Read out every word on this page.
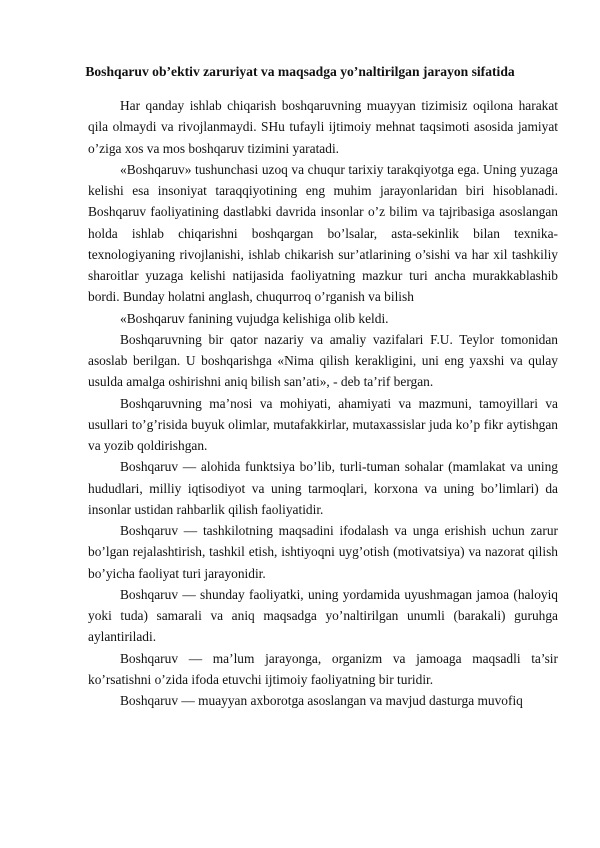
Boshqaruv ob’ektiv zaruriyat va maqsadga yo’naltirilgan jarayon sifatida

Har qanday ishlab chiqarish boshqaruvning muayyan tizimisiz oqilona harakat qila olmaydi va rivojlanmaydi. SHu tufayli ijtimoiy mehnat taqsimoti asosida jamiyat o’ziga xos va mos boshqaruv tizimini yaratadi.

«Boshqaruv» tushunchasi uzoq va chuqur tarixiy tarakqiyotga ega. Uning yuzaga kelishi esa insoniyat taraqqiyotining eng muhim jarayonlaridan biri hisoblanadi. Boshqaruv faoliyatining dastlabki davrida insonlar o’z bilim va tajribasiga asoslangan holda ishlab chiqarishni boshqargan bo’lsalar, asta-sekinlik bilan texnika-texnologiyaning rivojlanishi, ishlab chikarish sur’atlarining o’sishi va har xil tashkiliy sharoitlar yuzaga kelishi natijasida faoliyatning mazkur turi ancha murakkablashib bordi. Bunday holatni anglash, chuqurroq o’rganish va bilish

«Boshqaruv fanining vujudga kelishiga olib keldi.

Boshqaruvning bir qator nazariy va amaliy vazifalari F.U. Teylor tomonidan asoslab berilgan. U boshqarishga «Nima qilish kerakligini, uni eng yaxshi va qulay usulda amalga oshirishni aniq bilish san’ati», - deb ta’rif bergan.

Boshqaruvning ma’nosi va mohiyati, ahamiyati va mazmuni, tamoyillari va usullari to’g’risida buyuk olimlar, mutafakkirlar, mutaxassislar juda ko’p fikr aytishgan va yozib qoldirishgan.

Boshqaruv — alohida funktsiya bo’lib, turli-tuman sohalar (mamlakat va uning hududlari, milliy iqtisodiyot va uning tarmoqlari, korxona va uning bo’limlari) da insonlar ustidan rahbarlik qilish faoliyatidir.

Boshqaruv — tashkilotning maqsadini ifodalash va unga erishish uchun zarur bo’lgan rejalashtirish, tashkil etish, ishtiyoqni uyg’otish (motivatsiya) va nazorat qilish bo’yicha faoliyat turi jarayonidir.

Boshqaruv — shunday faoliyatki, uning yordamida uyushmagan jamoa (haloyiq yoki tuda) samarali va aniq maqsadga yo’naltirilgan unumli (barakali) guruhga aylantiriladi.

Boshqaruv — ma’lum jarayonga, organizm va jamoaga maqsadli ta’sir ko’rsatishni o’zida ifoda etuvchi ijtimoiy faoliyatning bir turidir.

Boshqaruv — muayyan axborotga asoslangan va mavjud dasturga muvofiq
